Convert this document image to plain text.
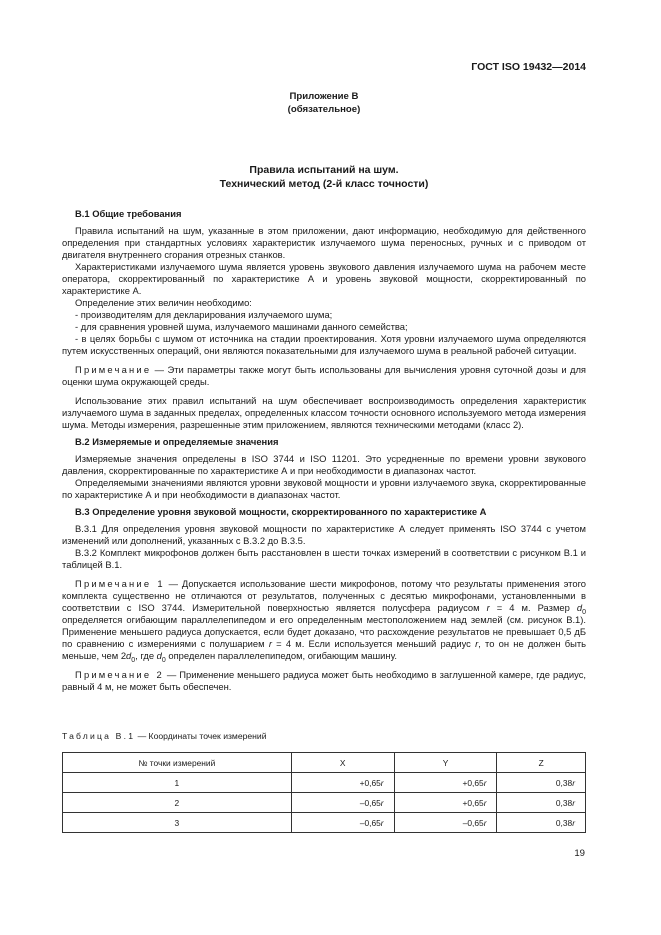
ГОСТ ISO 19432—2014
Приложение В
(обязательное)
Правила испытаний на шум.
Технический метод (2-й класс точности)
В.1 Общие требования

Правила испытаний на шум, указанные в этом приложении, дают информацию, необходимую для действенного определения при стандартных условиях характеристик излучаемого шума переносных, ручных и с приводом от двигателя внутреннего сгорания отрезных станков.

Характеристиками излучаемого шума является уровень звукового давления излучаемого шума на рабочем месте оператора, скорректированный по характеристике А и уровень звуковой мощности, скорректированный по характеристике А.

Определение этих величин необходимо:

- производителям для декларирования излучаемого шума;

- для сравнения уровней шума, излучаемого машинами данного семейства;

- в целях борьбы с шумом от источника на стадии проектирования. Хотя уровни излучаемого шума определяются путем искусственных операций, они являются показательными для излучаемого шума в реальной рабочей ситуации.

Примечание — Эти параметры также могут быть использованы для вычисления уровня суточной дозы и для оценки шума окружающей среды.

Использование этих правил испытаний на шум обеспечивает воспроизводимость определения характеристик излучаемого шума в заданных пределах, определенных классом точности основного используемого метода измерения шума. Методы измерения, разрешенные этим приложением, являются техническими методами (класс 2).

В.2 Измеряемые и определяемые значения

Измеряемые значения определены в ISO 3744 и ISO 11201. Это усредненные по времени уровни звукового давления, скорректированные по характеристике А и при необходимости в диапазонах частот.

Определяемыми значениями являются уровни звуковой мощности и уровни излучаемого звука, скорректированные по характеристике А и при необходимости в диапазонах частот.

В.3 Определение уровня звуковой мощности, скорректированного по характеристике А

В.3.1 Для определения уровня звуковой мощности по характеристике А следует применять ISO 3744 с учетом изменений или дополнений, указанных с В.3.2 до В.3.5.

В.3.2 Комплект микрофонов должен быть расстановлен в шести точках измерений в соответствии с рисунком В.1 и таблицей В.1.

Примечание 1 — Допускается использование шести микрофонов, потому что результаты применения этого комплекта существенно не отличаются от результатов, полученных с десятью микрофонами, установленными в соответствии с ISO 3744. Измерительной поверхностью является полусфера радиусом r = 4 м. Размер $d_0$ определяется огибающим параллелепипедом и его определенным местоположением над землей (см. рисунок В.1). Применение меньшего радиуса допускается, если будет доказано, что расхождение результатов не превышает 0,5 дБ по сравнению с измерениями с полушарием r = 4 м. Если используется меньший радиус r, то он не должен быть меньше, чем $2d_0$, где $d_0$ определен параллелепипедом, огибающим машину.

Примечание 2 — Применение меньшего радиуса может быть необходимо в заглушенной камере, где радиус, равный 4 м, не может быть обеспечен.

Таблица В.1 — Координаты точек измерений
№ точки измерений	X	Y	Z
1	+0,65r	+0,65r	0,38r
2	–0,65r	+0,65r	0,38r
3	–0,65r	–0,65r	0,38r
19
